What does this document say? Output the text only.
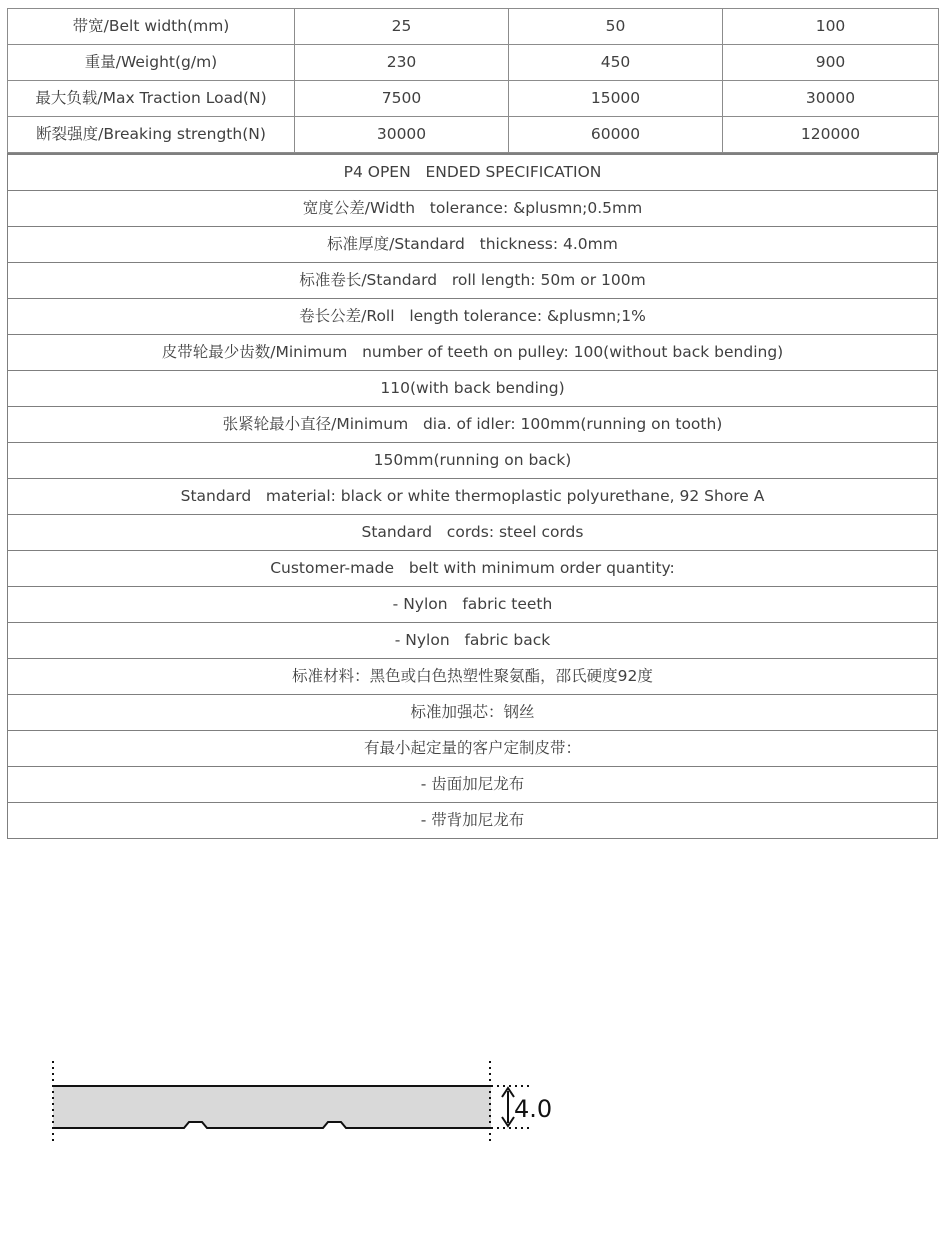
带宽/Belt width(mm)	25	50	100
重量/Weight(g/m)	230	450	900
最大负载/Max Traction Load(N)	7500	15000	30000
断裂强度/Breaking strength(N)	30000	60000	120000
P4 OPEN   ENDED SPECIFICATION
宽度公差/Width   tolerance: &plusmn;0.5mm
标准厚度/Standard   thickness: 4.0mm
标准卷长/Standard   roll length: 50m or 100m
卷长公差/Roll   length tolerance: &plusmn;1%
皮带轮最少齿数/Minimum   number of teeth on pulley: 100(without back bending)
110(with back bending)
张紧轮最小直径/Minimum   dia. of idler: 100mm(running on tooth)
150mm(running on back)
Standard   material: black or white thermoplastic polyurethane, 92 Shore A
Standard   cords: steel cords
Customer-made   belt with minimum order quantity:
- Nylon   fabric teeth
- Nylon   fabric back
标准材料：黑色或白色热塑性聚氨酯，邵氏硬度92度
标准加强芯：钢丝
有最小起定量的客户定制皮带：
- 齿面加尼龙布
- 带背加尼龙布
4.0
